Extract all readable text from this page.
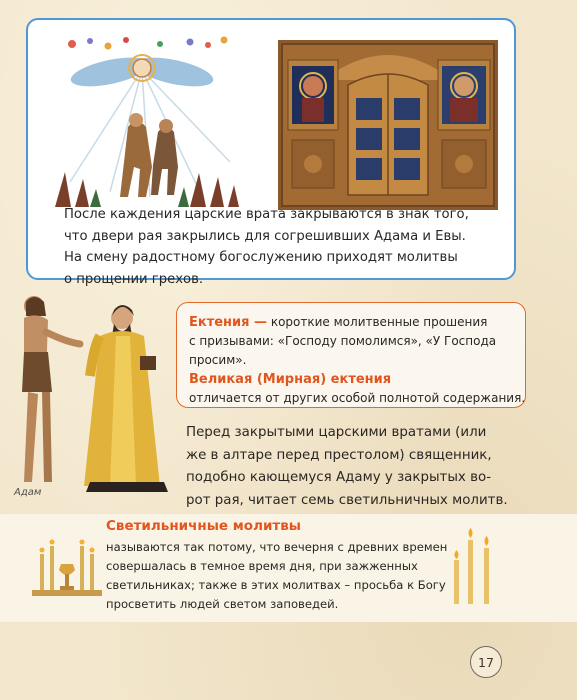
После каждения царские врата закрываются в знак того,

что двери рая закрылись для согрешивших Адама и Евы.

На смену радостному богослужению приходят молитвы

о прощении грехов.

Адам
Ектения — короткие молитвенные прошения
с призывами: «Господу помолимся», «У Господа
просим».
Великая (Мирная) ектения
отличается от других особой полнотой содержания.
Перед закрытыми царскими вратами (или
же в алтаре перед престолом) священник,
подобно кающемуся Адаму у закрытых во-
рот рая, читает семь светильничных молитв.
Светильничные молитвы
называются так потому, что вечерня с древних времен
совершалась в темное время дня, при зажженных
светильниках; также в этих молитвах – просьба к Богу
просветить людей светом заповедей.
17
